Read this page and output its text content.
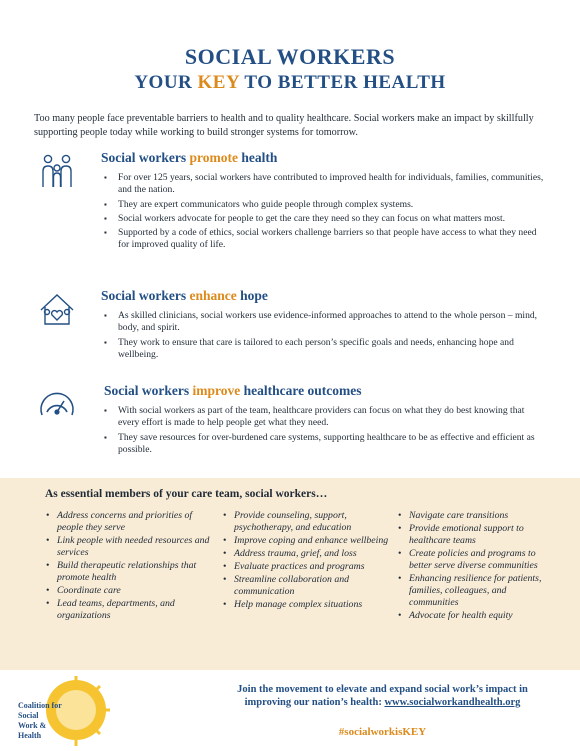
SOCIAL WORKERS
YOUR KEY TO BETTER HEALTH
Too many people face preventable barriers to health and to quality healthcare. Social workers make an impact by skillfully supporting people today while working to build stronger systems for tomorrow.
Social workers promote health
▪ For over 125 years, social workers have contributed to improved health for individuals, families, communities, and the nation.
▪ They are expert communicators who guide people through complex systems.
▪ Social workers advocate for people to get the care they need so they can focus on what matters most.
▪ Supported by a code of ethics, social workers challenge barriers so that people have access to what they need for improved quality of life.
Social workers enhance hope
▪ As skilled clinicians, social workers use evidence-informed approaches to attend to the whole person – mind, body, and spirit.
▪ They work to ensure that care is tailored to each person’s specific goals and needs, enhancing hope and wellbeing.
Social workers improve healthcare outcomes
▪ With social workers as part of the team, healthcare providers can focus on what they do best knowing that every effort is made to help people get what they need.
▪ They save resources for over-burdened care systems, supporting healthcare to be as effective and efficient as possible.
As essential members of your care team, social workers…
• Address concerns and priorities of people they serve
• Link people with needed resources and services
• Build therapeutic relationships that promote health
• Coordinate care
• Lead teams, departments, and organizations
• Provide counseling, support, psychotherapy, and education
• Improve coping and enhance wellbeing
• Address trauma, grief, and loss
• Evaluate practices and programs
• Streamline collaboration and communication
• Help manage complex situations
• Navigate care transitions
• Provide emotional support to healthcare teams
• Create policies and programs to better serve diverse communities
• Enhancing resilience for patients, families, colleagues, and communities
• Advocate for health equity
Coalition for
Social
Work &
Health
Join the movement to elevate and expand social work’s impact in
improving our nation’s health: www.socialworkandhealth.org
#socialworkisKEY
